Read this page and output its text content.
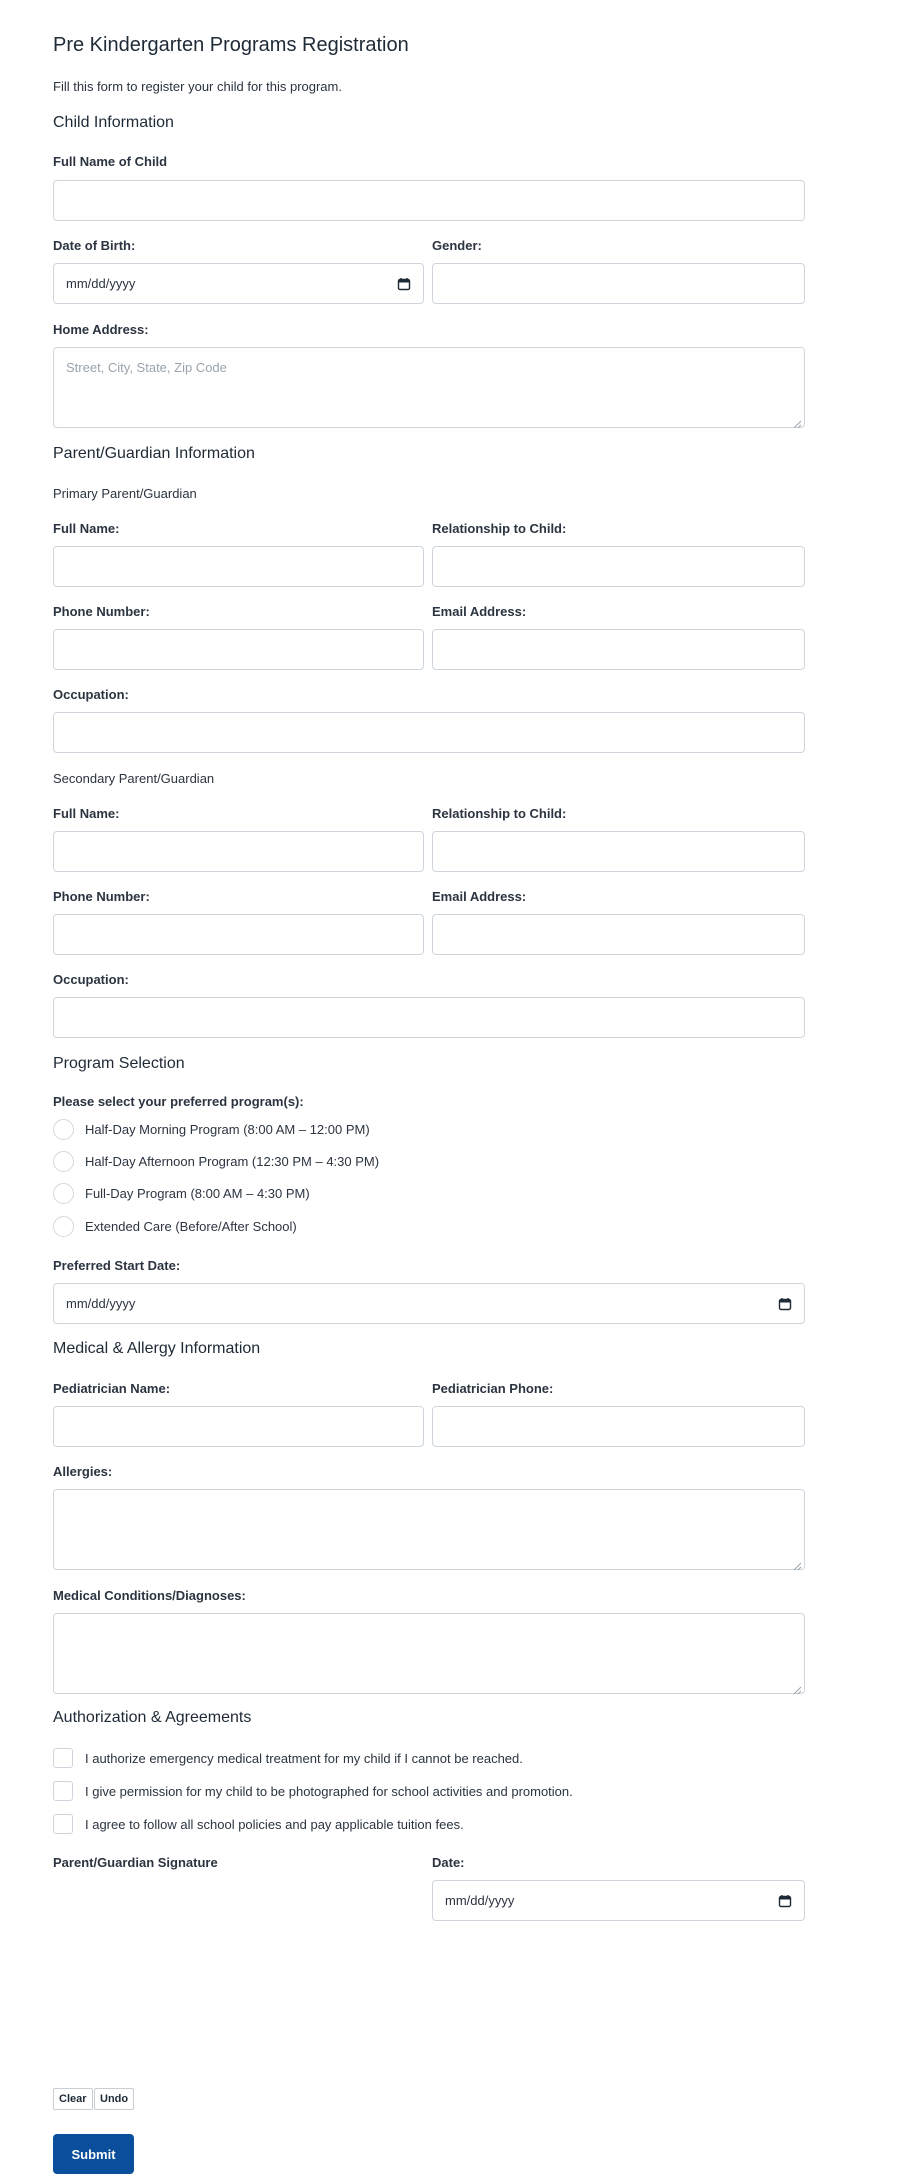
Pre Kindergarten Programs Registration
Fill this form to register your child for this program.
Child Information
Full Name of Child
Date of Birth:
mm/dd/yyyy
Gender:
Home Address:
Street, City, State, Zip Code
Parent/Guardian Information
Primary Parent/Guardian
Full Name:	Relationship to Child:
Phone Number:	Email Address:
Occupation:
Secondary Parent/Guardian
Full Name:	Relationship to Child:
Phone Number:	Email Address:
Occupation:
Program Selection
Please select your preferred program(s):
Half-Day Morning Program (8:00 AM – 12:00 PM)
Half-Day Afternoon Program (12:30 PM – 4:30 PM)
Full-Day Program (8:00 AM – 4:30 PM)
Extended Care (Before/After School)
Preferred Start Date:
mm/dd/yyyy
Medical & Allergy Information
Pediatrician Name:	Pediatrician Phone:
Allergies:
Medical Conditions/Diagnoses:
Authorization & Agreements
I authorize emergency medical treatment for my child if I cannot be reached.
I give permission for my child to be photographed for school activities and promotion.
I agree to follow all school policies and pay applicable tuition fees.
Parent/Guardian Signature	Date:
mm/dd/yyyy
Clear	Undo
Submit
